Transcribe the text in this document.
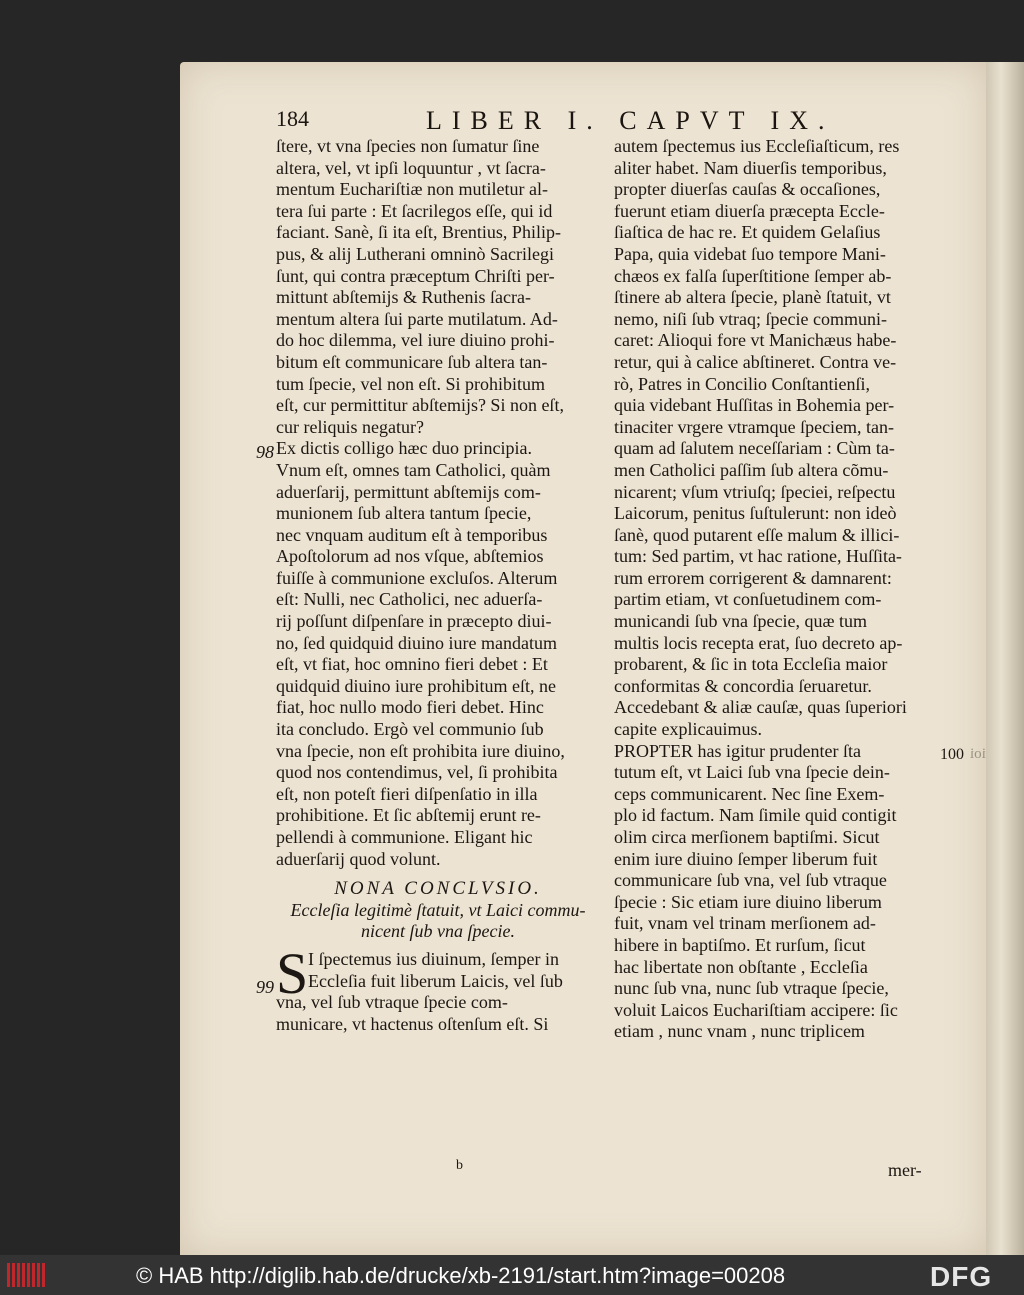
184	LIBER I. CAPVT IX.
ſtere, vt vna ſpecies non ſumatur ſine
altera, vel, vt ipſi loquuntur , vt ſacra-
mentum Euchariſtiæ non mutiletur al-
tera ſui parte : Et ſacrilegos eſſe, qui id
faciant. Sanè, ſi ita eſt, Brentius, Philip-
pus, & alij Lutherani omninò Sacrilegi
ſunt, qui contra præceptum Chriſti per-
mittunt abſtemijs & Ruthenis ſacra-
mentum altera ſui parte mutilatum. Ad-
do hoc dilemma, vel iure diuino prohi-
bitum eſt communicare ſub altera tan-
tum ſpecie, vel non eſt. Si prohibitum
eſt, cur permittitur abſtemijs? Si non eſt,
cur reliquis negatur?
Ex dictis colligo hæc duo principia.
Vnum eſt, omnes tam Catholici, quàm
aduerſarij, permittunt abſtemijs com-
munionem ſub altera tantum ſpecie,
nec vnquam auditum eſt à temporibus
Apoſtolorum ad nos vſque, abſtemios
fuiſſe à communione excluſos. Alterum
eſt: Nulli, nec Catholici, nec aduerſa-
rij poſſunt diſpenſare in præcepto diui-
no, ſed quidquid diuino iure mandatum
eſt, vt fiat, hoc omnino fieri debet : Et
quidquid diuino iure prohibitum eſt, ne
fiat, hoc nullo modo fieri debet. Hinc
ita concludo. Ergò vel communio ſub
vna ſpecie, non eſt prohibita iure diuino,
quod nos contendimus, vel, ſi prohibita
eſt, non poteſt fieri diſpenſatio in illa
prohibitione. Et ſic abſtemij erunt re-
pellendi à communione. Eligant hic
aduerſarij quod volunt.
NONA CONCLVSIO.
Eccleſia legitimè ſtatuit, vt Laici commu-
nicent ſub vna ſpecie.
S I ſpectemus ius diuinum, ſemper in
Eccleſia fuit liberum Laicis, vel ſub
vna, vel ſub vtraque ſpecie com-
municare, vt hactenus oſtenſum eſt. Si
autem ſpectemus ius Eccleſiaſticum, res
aliter habet. Nam diuerſis temporibus,
propter diuerſas cauſas & occaſiones,
fuerunt etiam diuerſa præcepta Eccle-
ſiaſtica de hac re. Et quidem Gelaſius
Papa, quia videbat ſuo tempore Mani-
chæos ex falſa ſuperſtitione ſemper ab-
ſtinere ab altera ſpecie, planè ſtatuit, vt
nemo, niſi ſub vtraq; ſpecie communi-
caret: Alioqui fore vt Manichæus habe-
retur, qui à calice abſtineret. Contra ve-
rò, Patres in Concilio Conſtantienſi,
quia videbant Huſſitas in Bohemia per-
tinaciter vrgere vtramque ſpeciem, tan-
quam ad ſalutem neceſſariam : Cùm ta-
men Catholici paſſim ſub altera cõmu-
nicarent; vſum vtriuſq; ſpeciei, reſpectu
Laicorum, penitus ſuſtulerunt: non ideò
ſanè, quod putarent eſſe malum & illici-
tum: Sed partim, vt hac ratione, Huſſita-
rum errorem corrigerent & damnarent:
partim etiam, vt conſuetudinem com-
municandi ſub vna ſpecie, quæ tum
multis locis recepta erat, ſuo decreto ap-
probarent, & ſic in tota Eccleſia maior
conformitas & concordia ſeruaretur.
Accedebant & aliæ cauſæ, quas ſuperiori
capite explicauimus.
PROPTER has igitur prudenter ſta
tutum eſt, vt Laici ſub vna ſpecie dein-
ceps communicarent. Nec ſine Exem-
plo id factum. Nam ſimile quid contigit
olim circa merſionem baptiſmi. Sicut
enim iure diuino ſemper liberum fuit
communicare ſub vna, vel ſub vtraque
ſpecie : Sic etiam iure diuino liberum
fuit, vnam vel trinam merſionem ad-
hibere in baptiſmo. Et rurſum, ſicut
hac libertate non obſtante , Eccleſia
nunc ſub vna, nunc ſub vtraque ſpecie,
voluit Laicos Euchariſtiam accipere: ſic
etiam , nunc vnam , nunc triplicem
98
99
100 ioi
b	mer-
© HAB http://diglib.hab.de/drucke/xb-2191/start.htm?image=00208	DFG
